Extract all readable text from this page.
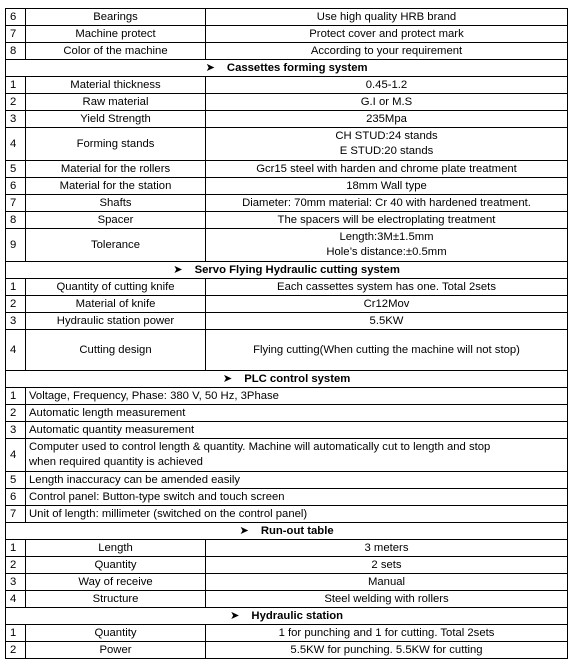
6	Bearings	Use high quality HRB brand
7	Machine protect	Protect cover and protect mark
8	Color of the machine	According to your requirement
➤ Cassettes forming system		
1	Material thickness	0.45-1.2
2	Raw material	G.I or M.S
3	Yield Strength	235Mpa
4	Forming stands	CH STUD:24 stands
E STUD:20 stands

5	Material for the rollers	Gcr15 steel with harden and chrome plate treatment
6	Material for the station	18mm Wall type
7	Shafts	Diameter: 70mm material: Cr 40 with hardened treatment.
8	Spacer	The spacers will be electroplating treatment
9	Tolerance	Length:3M±1.5mm
Hole’s distance:±0.5mm

➤ Servo Flying Hydraulic cutting system		
1	Quantity of cutting knife	Each cassettes system has one. Total 2sets
2	Material of knife	Cr12Mov
3	Hydraulic station power	5.5KW
4	Cutting design	Flying cutting(When cutting the machine will not stop)
➤ PLC control system		
1	Voltage, Frequency, Phase: 380 V, 50 Hz, 3Phase	
2	Automatic length measurement	
3	Automatic quantity measurement	
4	Computer used to control length & quantity. Machine will automatically cut to length and stop
when required quantity is achieved	

5	Length inaccuracy can be amended easily	
6	Control panel: Button-type switch and touch screen	
7	Unit of length: millimeter (switched on the control panel)	
➤ Run-out table		
1	Length	3 meters
2	Quantity	2 sets
3	Way of receive	Manual
4	Structure	Steel welding with rollers
➤ Hydraulic station		
1	Quantity	1 for punching and 1 for cutting. Total 2sets
2	Power	5.5KW for punching. 5.5KW for cutting
